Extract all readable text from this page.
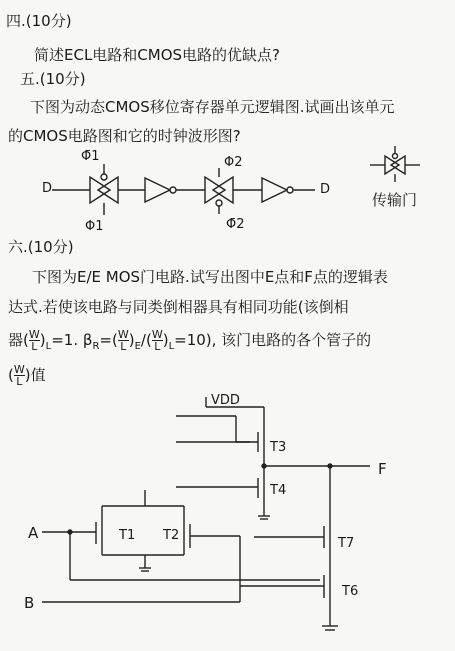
四.(10分)
简述ECL电路和CMOS电路的优缺点?
五.(10分)
下图为动态CMOS移位寄存器单元逻辑图.试画出该单元
的CMOS电路图和它的时钟波形图?
Φ̄1	Φ2
D	D
Φ1	Φ̄2
传输门
六.(10分)
下图为E/E MOS门电路.试写出图中E点和F点的逻辑表
达式.若使该电路与同类倒相器具有相同功能(该倒相
器( $\frac{W}{L} )_L=1$. $\beta_R=( \frac{W}{L} )_E/( \frac{W}{L} )_L=10$), 该门电路的各个管子的
( $\frac{W}{L}$ )值
VDD
F
A
B
T1 T2
T3
T4
T6
T7
